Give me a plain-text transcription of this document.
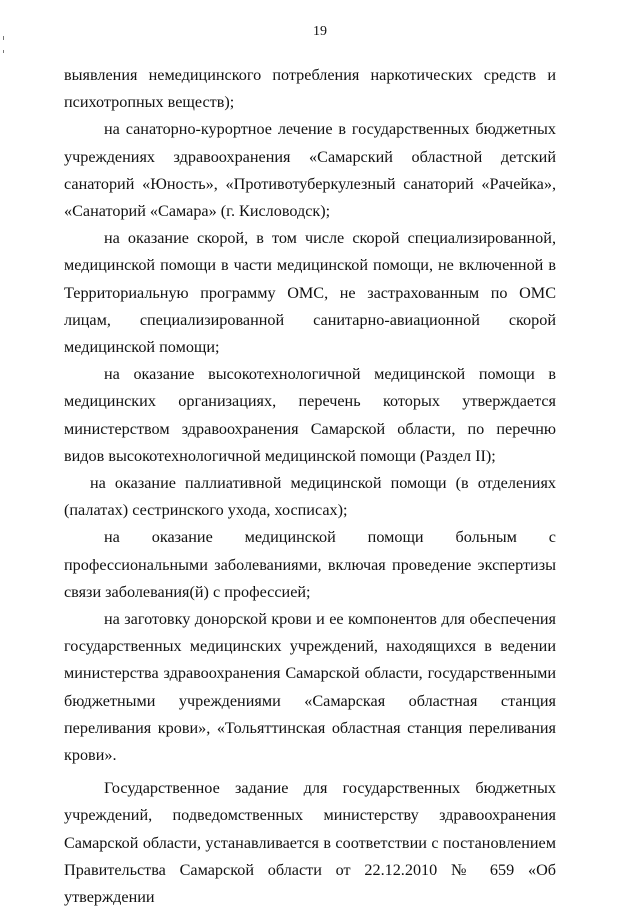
19

выявления немедицинского потребления наркотических средств и психотропных веществ);

на санаторно-курортное лечение в государственных бюджетных учреждениях здравоохранения «Самарский областной детский санаторий «Юность», «Противотуберкулезный санаторий «Рачейка», «Санаторий «Самара» (г. Кисловодск);

на оказание скорой, в том числе скорой специализированной, медицинской помощи в части медицинской помощи, не включенной в Территориальную программу ОМС, не застрахованным по ОМС лицам, специализированной санитарно-авиационной скорой медицинской помощи;

на оказание высокотехнологичной медицинской помощи в медицинских организациях, перечень которых утверждается министерством здравоохранения Самарской области, по перечню видов высокотехнологичной медицинской помощи (Раздел II);

на оказание паллиативной медицинской помощи (в отделениях (палатах) сестринского ухода, хосписах);

на оказание медицинской помощи больным с профессиональными заболеваниями, включая проведение экспертизы связи заболевания(й) с профессией;

на заготовку донорской крови и ее компонентов для обеспечения государственных медицинских учреждений, находящихся в ведении министерства здравоохранения Самарской области, государственными бюджетными учреждениями «Самарская областная станция переливания крови», «Тольяттинская областная станция переливания крови».

Государственное задание для государственных бюджетных учреждений, подведомственных министерству здравоохранения Самарской области, устанавливается в соответствии с постановлением Правительства Самарской области от 22.12.2010 № 659 «Об утверждении
